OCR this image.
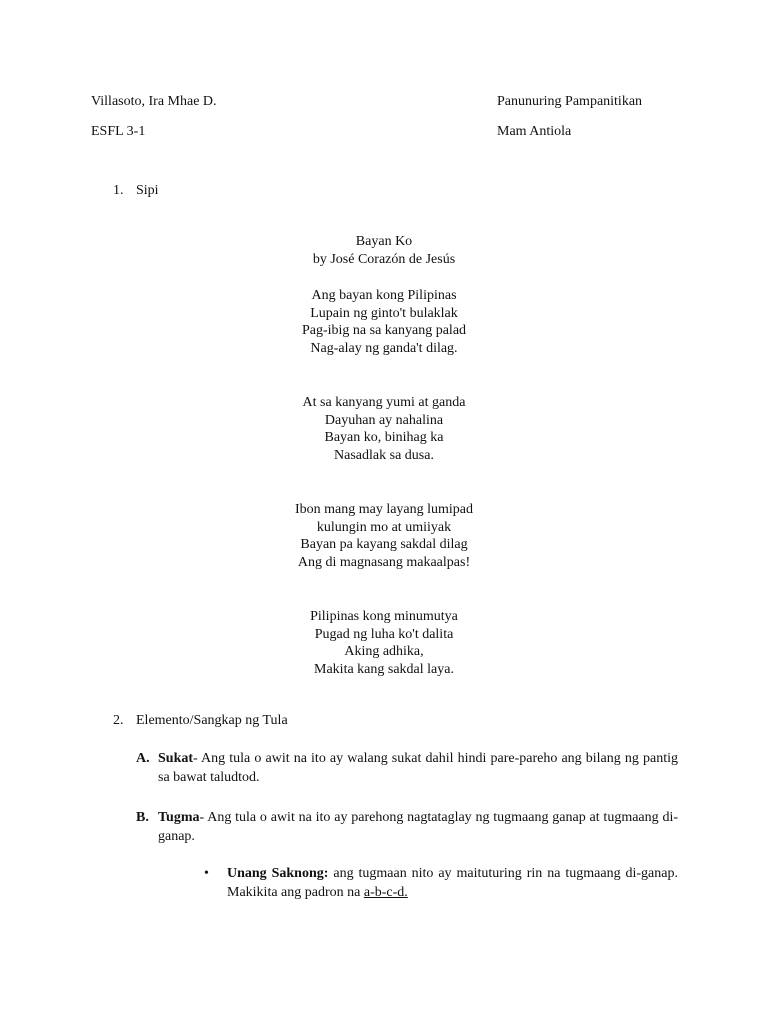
Villasoto, Ira Mhae D.	Panunuring Pampanitikan
ESFL 3-1	Mam Antiola
1. Sipi
Bayan Ko
by José Corazón de Jesús
Ang bayan kong Pilipinas
Lupain ng ginto't bulaklak
Pag-ibig na sa kanyang palad
Nag-alay ng ganda't dilag.
At sa kanyang yumi at ganda
Dayuhan ay nahalina
Bayan ko, binihag ka
Nasadlak sa dusa.
Ibon mang may layang lumipad
kulungin mo at umiiyak
Bayan pa kayang sakdal dilag
Ang di magnasang makaalpas!
Pilipinas kong minumutya
Pugad ng luha ko't dalita
Aking adhika,
Makita kang sakdal laya.
2. Elemento/Sangkap ng Tula
A. Sukat- Ang tula o awit na ito ay walang sukat dahil hindi pare-pareho ang bilang ng pantig sa bawat taludtod.
B. Tugma- Ang tula o awit na ito ay parehong nagtataglay ng tugmaang ganap at tugmaang di-ganap.
• Unang Saknong: ang tugmaan nito ay maituturing rin na tugmaang di-ganap. Makikita ang padron na a-b-c-d.
